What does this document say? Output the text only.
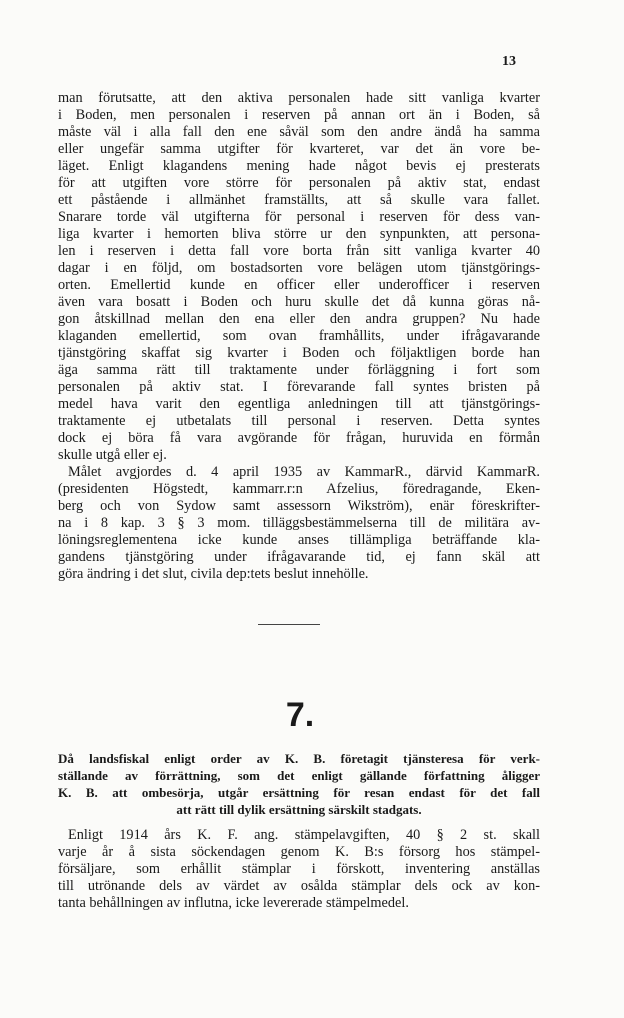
13
man förutsatte, att den aktiva personalen hade sitt vanliga kvarter
i Boden, men personalen i reserven på annan ort än i Boden, så
måste väl i alla fall den ene såväl som den andre ändå ha samma
eller ungefär samma utgifter för kvarteret, var det än vore be-
läget. Enligt klagandens mening hade något bevis ej presterats
för att utgiften vore större för personalen på aktiv stat, endast
ett påstående i allmänhet framställts, att så skulle vara fallet.
Snarare torde väl utgifterna för personal i reserven för dess van-
liga kvarter i hemorten bliva större ur den synpunkten, att persona-
len i reserven i detta fall vore borta från sitt vanliga kvarter 40
dagar i en följd, om bostadsorten vore belägen utom tjänstgörings-
orten. Emellertid kunde en officer eller underofficer i reserven
även vara bosatt i Boden och huru skulle det då kunna göras nå-
gon åtskillnad mellan den ena eller den andra gruppen? Nu hade
klaganden emellertid, som ovan framhållits, under ifrågavarande
tjänstgöring skaffat sig kvarter i Boden och följaktligen borde han
äga samma rätt till traktamente under förläggning i fort som
personalen på aktiv stat. I förevarande fall syntes bristen på
medel hava varit den egentliga anledningen till att tjänstgörings-
traktamente ej utbetalats till personal i reserven. Detta syntes
dock ej böra få vara avgörande för frågan, huruvida en förmån
skulle utgå eller ej.
Målet avgjordes d. 4 april 1935 av KammarR., därvid KammarR.
(presidenten Högstedt, kammarr.r:n Afzelius, föredragande, Eken-
berg och von Sydow samt assessorn Wikström), enär föreskrifter-
na i 8 kap. 3 § 3 mom. tilläggsbestämmelserna till de militära av-
löningsreglementena icke kunde anses tillämpliga beträffande kla-
gandens tjänstgöring under ifrågavarande tid, ej fann skäl att
göra ändring i det slut, civila dep:tets beslut innehölle.
7.
Då landsfiskal enligt order av K. B. företagit tjänsteresa för verk-
ställande av förrättning, som det enligt gällande författning åligger
K. B. att ombesörja, utgår ersättning för resan endast för det fall
att rätt till dylik ersättning särskilt stadgats.
Enligt 1914 års K. F. ang. stämpelavgiften, 40 § 2 st. skall
varje år å sista söckendagen genom K. B:s försorg hos stämpel-
försäljare, som erhållit stämplar i förskott, inventering anställas
till utrönande dels av värdet av osålda stämplar dels ock av kon-
tanta behållningen av influtna, icke levererade stämpelmedel.
